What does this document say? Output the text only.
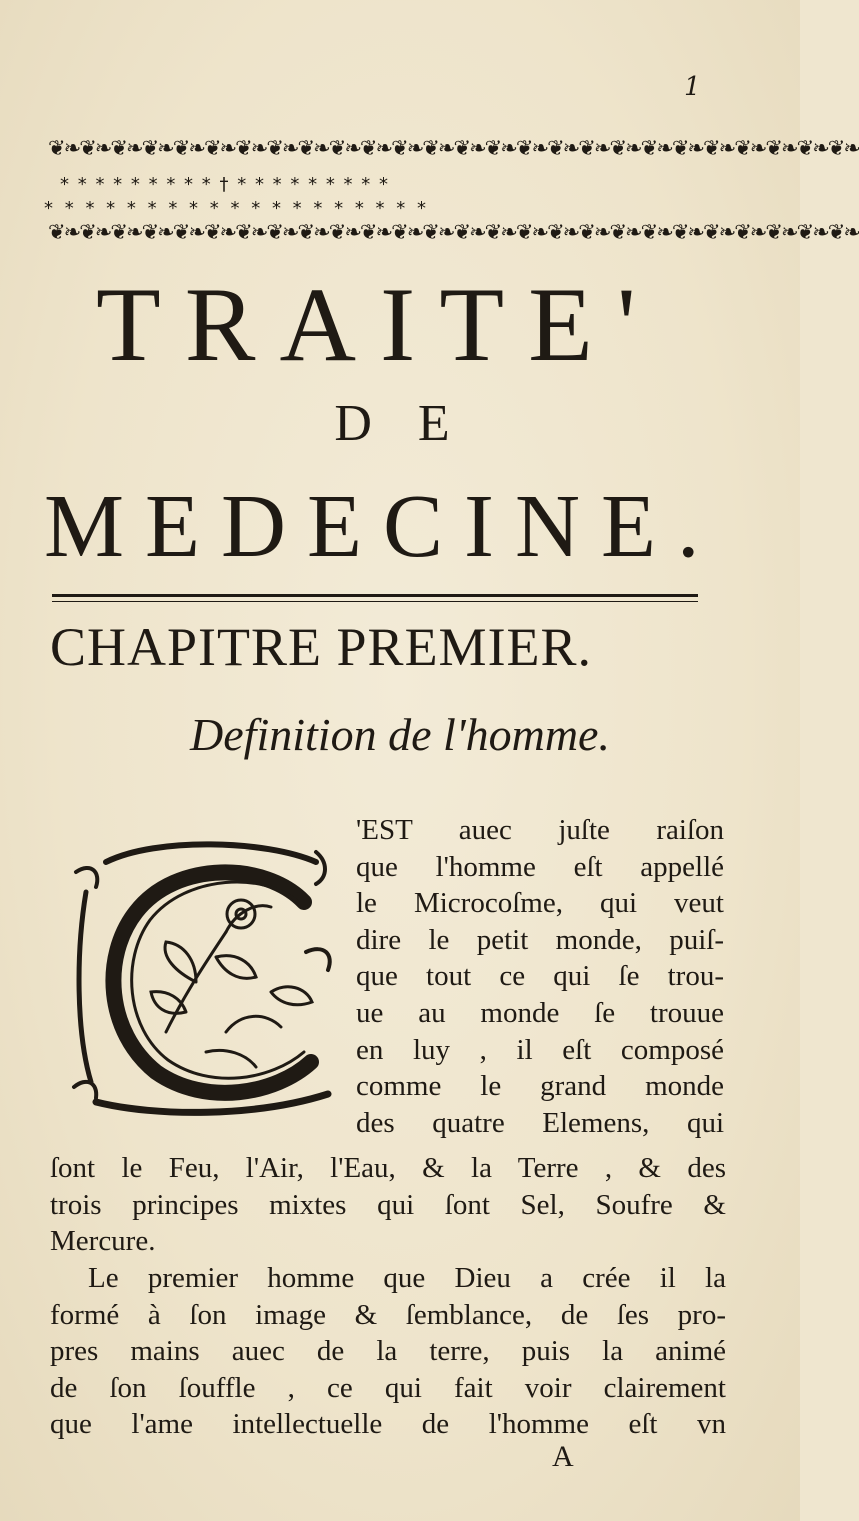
1
❦❧❦❧❦❧❦❧❦❧❦❧❦❧❦❧❦❧❦❧❦❧❦❧❦❧❦❧❦❧❦❧❦❧❦❧❦❧❦❧❦❧❦❧❦❧❦❧❦❧❦❧
* * * * * * * * * † * * * * * * * * *
* * * * * * * * * * * * * * * * * * *
❦❧❦❧❦❧❦❧❦❧❦❧❦❧❦❧❦❧❦❧❦❧❦❧❦❧❦❧❦❧❦❧❦❧❦❧❦❧❦❧❦❧❦❧❦❧❦❧❦❧❦❧
TRAITE'
DE
MEDECINE.
CHAPITRE PREMIER.
Definition de l'homme.
'EST auec juſte raiſon
que l'homme eſt appellé
le Microcoſme, qui veut
dire le petit monde, puiſ-
que tout ce qui ſe trou-
ue au monde ſe trouue
en luy , il eſt composé
comme le grand monde
des quatre Elemens, qui
ſont le Feu, l'Air, l'Eau, & la Terre , & des
trois principes mixtes qui ſont Sel, Soufre &
Mercure.
Le premier homme que Dieu a crée il la
formé à ſon image & ſemblance, de ſes pro-
pres mains auec de la terre, puis la animé
de ſon ſouffle , ce qui fait voir clairement
que l'ame intellectuelle de l'homme eſt vn
A
